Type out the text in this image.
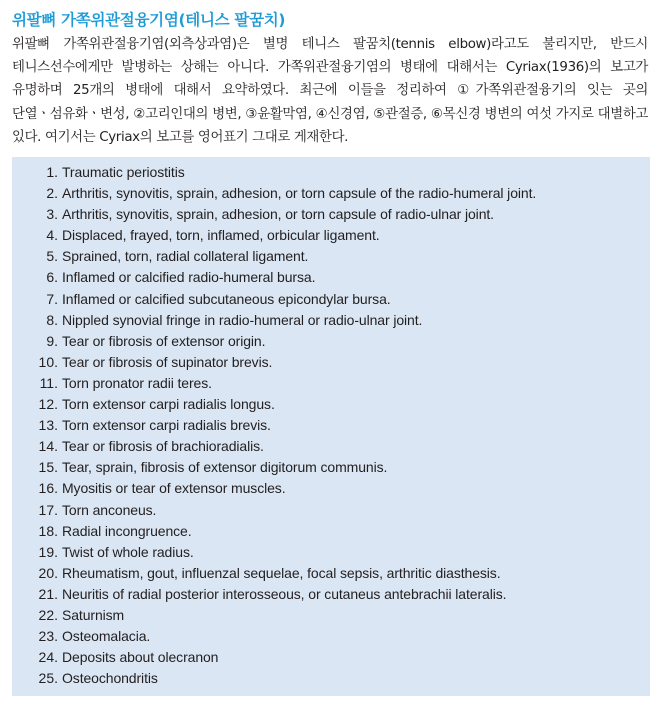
위팔뼈 가쪽위관절융기염(테니스 팔꿈치)

위팔뼈 가쪽위관절융기염(외측상과염)은 별명 테니스 팔꿈치(tennis elbow)라고도 불리지만, 반드시 테니스선수에게만 발병하는 상해는 아니다. 가쪽위관절융기염의 병태에 대해서는 Cyriax(1936)의 보고가 유명하며 25개의 병태에 대해서 요약하였다. 최근에 이들을 정리하여 ①가쪽위관절융기의 잇는 곳의 단열ㆍ섬유화ㆍ변성, ②고리인대의 병변, ③윤활막염, ④신경염, ⑤관절증, ⑥목신경 병변의 여섯 가지로 대별하고 있다. 여기서는 Cyriax의 보고를 영어표기 그대로 게재한다.

1. Traumatic periostitis
2. Arthritis, synovitis, sprain, adhesion, or torn capsule of the radio-humeral joint.
3. Arthritis, synovitis, sprain, adhesion, or torn capsule of radio-ulnar joint.
4. Displaced, frayed, torn, inflamed, orbicular ligament.
5. Sprained, torn, radial collateral ligament.
6. Inflamed or calcified radio-humeral bursa.
7. Inflamed or calcified subcutaneous epicondylar bursa.
8. Nippled synovial fringe in radio-humeral or radio-ulnar joint.
9. Tear or fibrosis of extensor origin.
10. Tear or fibrosis of supinator brevis.
11. Torn pronator radii teres.
12. Torn extensor carpi radialis longus.
13. Torn extensor carpi radialis brevis.
14. Tear or fibrosis of brachioradialis.
15. Tear, sprain, fibrosis of extensor digitorum communis.
16. Myositis or tear of extensor muscles.
17. Torn anconeus.
18. Radial incongruence.
19. Twist of whole radius.
20. Rheumatism, gout, influenzal sequelae, focal sepsis, arthritic diasthesis.
21. Neuritis of radial posterior interosseous, or cutaneus antebrachii lateralis.
22. Saturnism
23. Osteomalacia.
24. Deposits about olecranon
25. Osteochondritis
